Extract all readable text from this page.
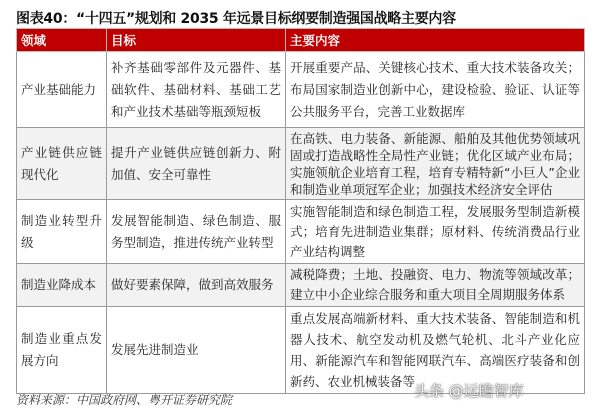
图表40：“十四五”规划和 2035 年远景目标纲要制造强国战略主要内容
领域	目标	主要内容
产业基础能力	补齐基础零部件及元器件、基础软件、基础材料、基础工艺和产业技术基础等瓶颈短板	开展重要产品、关键核心技术、重大技术装备攻关；布局国家制造业创新中心，建设检验、验证、认证等公共服务平台，完善工业数据库
产业链供应链现代化	提升产业链供应链创新力、附加值、安全可靠性	在高铁、电力装备、新能源、船舶及其他优势领域巩固或打造战略性全局性产业链；优化区域产业布局；实施领航企业培育工程，培育专精特新“小巨人”企业和制造业单项冠军企业；加强技术经济安全评估
制造业转型升级	发展智能制造、绿色制造、服务型制造，推进传统产业转型	实施智能制造和绿色制造工程，发展服务型制造新模式；培育先进制造业集群；原材料、传统消费品行业产业结构调整
制造业降成本	做好要素保障，做到高效服务	减税降费；土地、投融资、电力、物流等领域改革；建立中小企业综合服务和重大项目全周期服务体系
制造业重点发展方向	发展先进制造业	重点发展高端新材料、重大技术装备、智能制造和机器人技术、航空发动机及燃气轮机、北斗产业化应用、新能源汽车和智能网联汽车、高端医疗装备和创新药、农业机械装备等
资料来源：中国政府网、粤开证券研究院	头条 @远瞻智库
